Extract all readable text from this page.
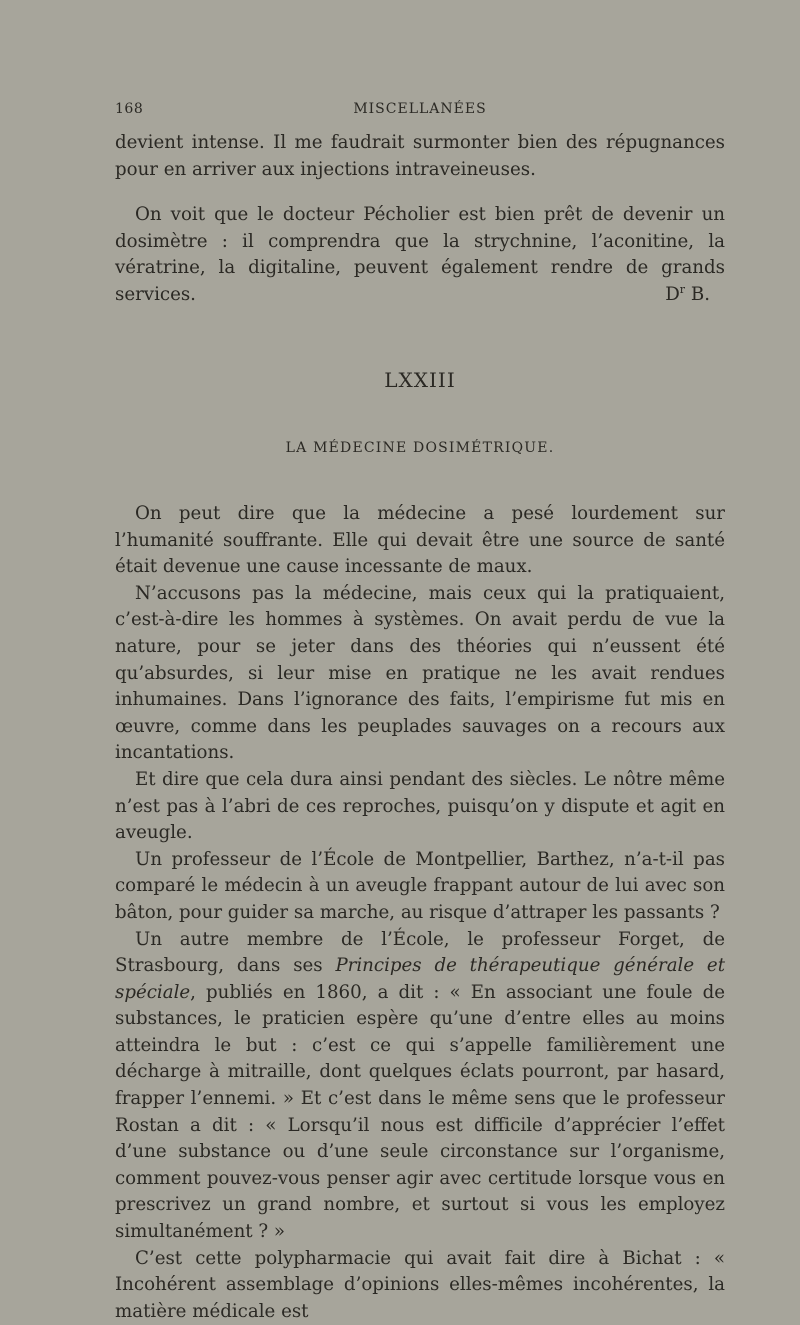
168	MISCELLANÉES

devient intense. Il me faudrait surmonter bien des répugnances pour en arriver aux injections intraveineuses.

On voit que le docteur Pécholier est bien prêt de devenir un dosimètre : il comprendra que la strychnine, l’aconitine, la vératrine, la digitaline, peuvent également rendre de grands services.	$D^r$ B.
LXXIII
LA MÉDECINE DOSIMÉTRIQUE.

On peut dire que la médecine a pesé lourdement sur l’humanité souffrante. Elle qui devait être une source de santé était devenue une cause incessante de maux.

N’accusons pas la médecine, mais ceux qui la pratiquaient, c’est-à-dire les hommes à systèmes. On avait perdu de vue la nature, pour se jeter dans des théories qui n’eussent été qu’absurdes, si leur mise en pratique ne les avait rendues inhumaines. Dans l’ignorance des faits, l’empirisme fut mis en œuvre, comme dans les peuplades sauvages on a recours aux incantations.

Et dire que cela dura ainsi pendant des siècles. Le nôtre même n’est pas à l’abri de ces reproches, puisqu’on y dispute et agit en aveugle.

Un professeur de l’École de Montpellier, Barthez, n’a-t-il pas comparé le médecin à un aveugle frappant autour de lui avec son bâton, pour guider sa marche, au risque d’attraper les passants ?

Un autre membre de l’École, le professeur Forget, de Strasbourg, dans ses Principes de thérapeutique générale et spéciale, publiés en 1860, a dit : « En associant une foule de substances, le praticien espère qu’une d’entre elles au moins atteindra le but : c’est ce qui s’appelle familièrement une décharge à mitraille, dont quelques éclats pourront, par hasard, frapper l’ennemi. » Et c’est dans le même sens que le professeur Rostan a dit : « Lorsqu’il nous est difficile d’apprécier l’effet d’une substance ou d’une seule circonstance sur l’organisme, comment pouvez-vous penser agir avec certitude lorsque vous en prescrivez un grand nombre, et surtout si vous les employez simultanément ? »

C’est cette polypharmacie qui avait fait dire à Bichat : « Incohérent assemblage d’opinions elles-mêmes incohérentes, la matière médicale est
